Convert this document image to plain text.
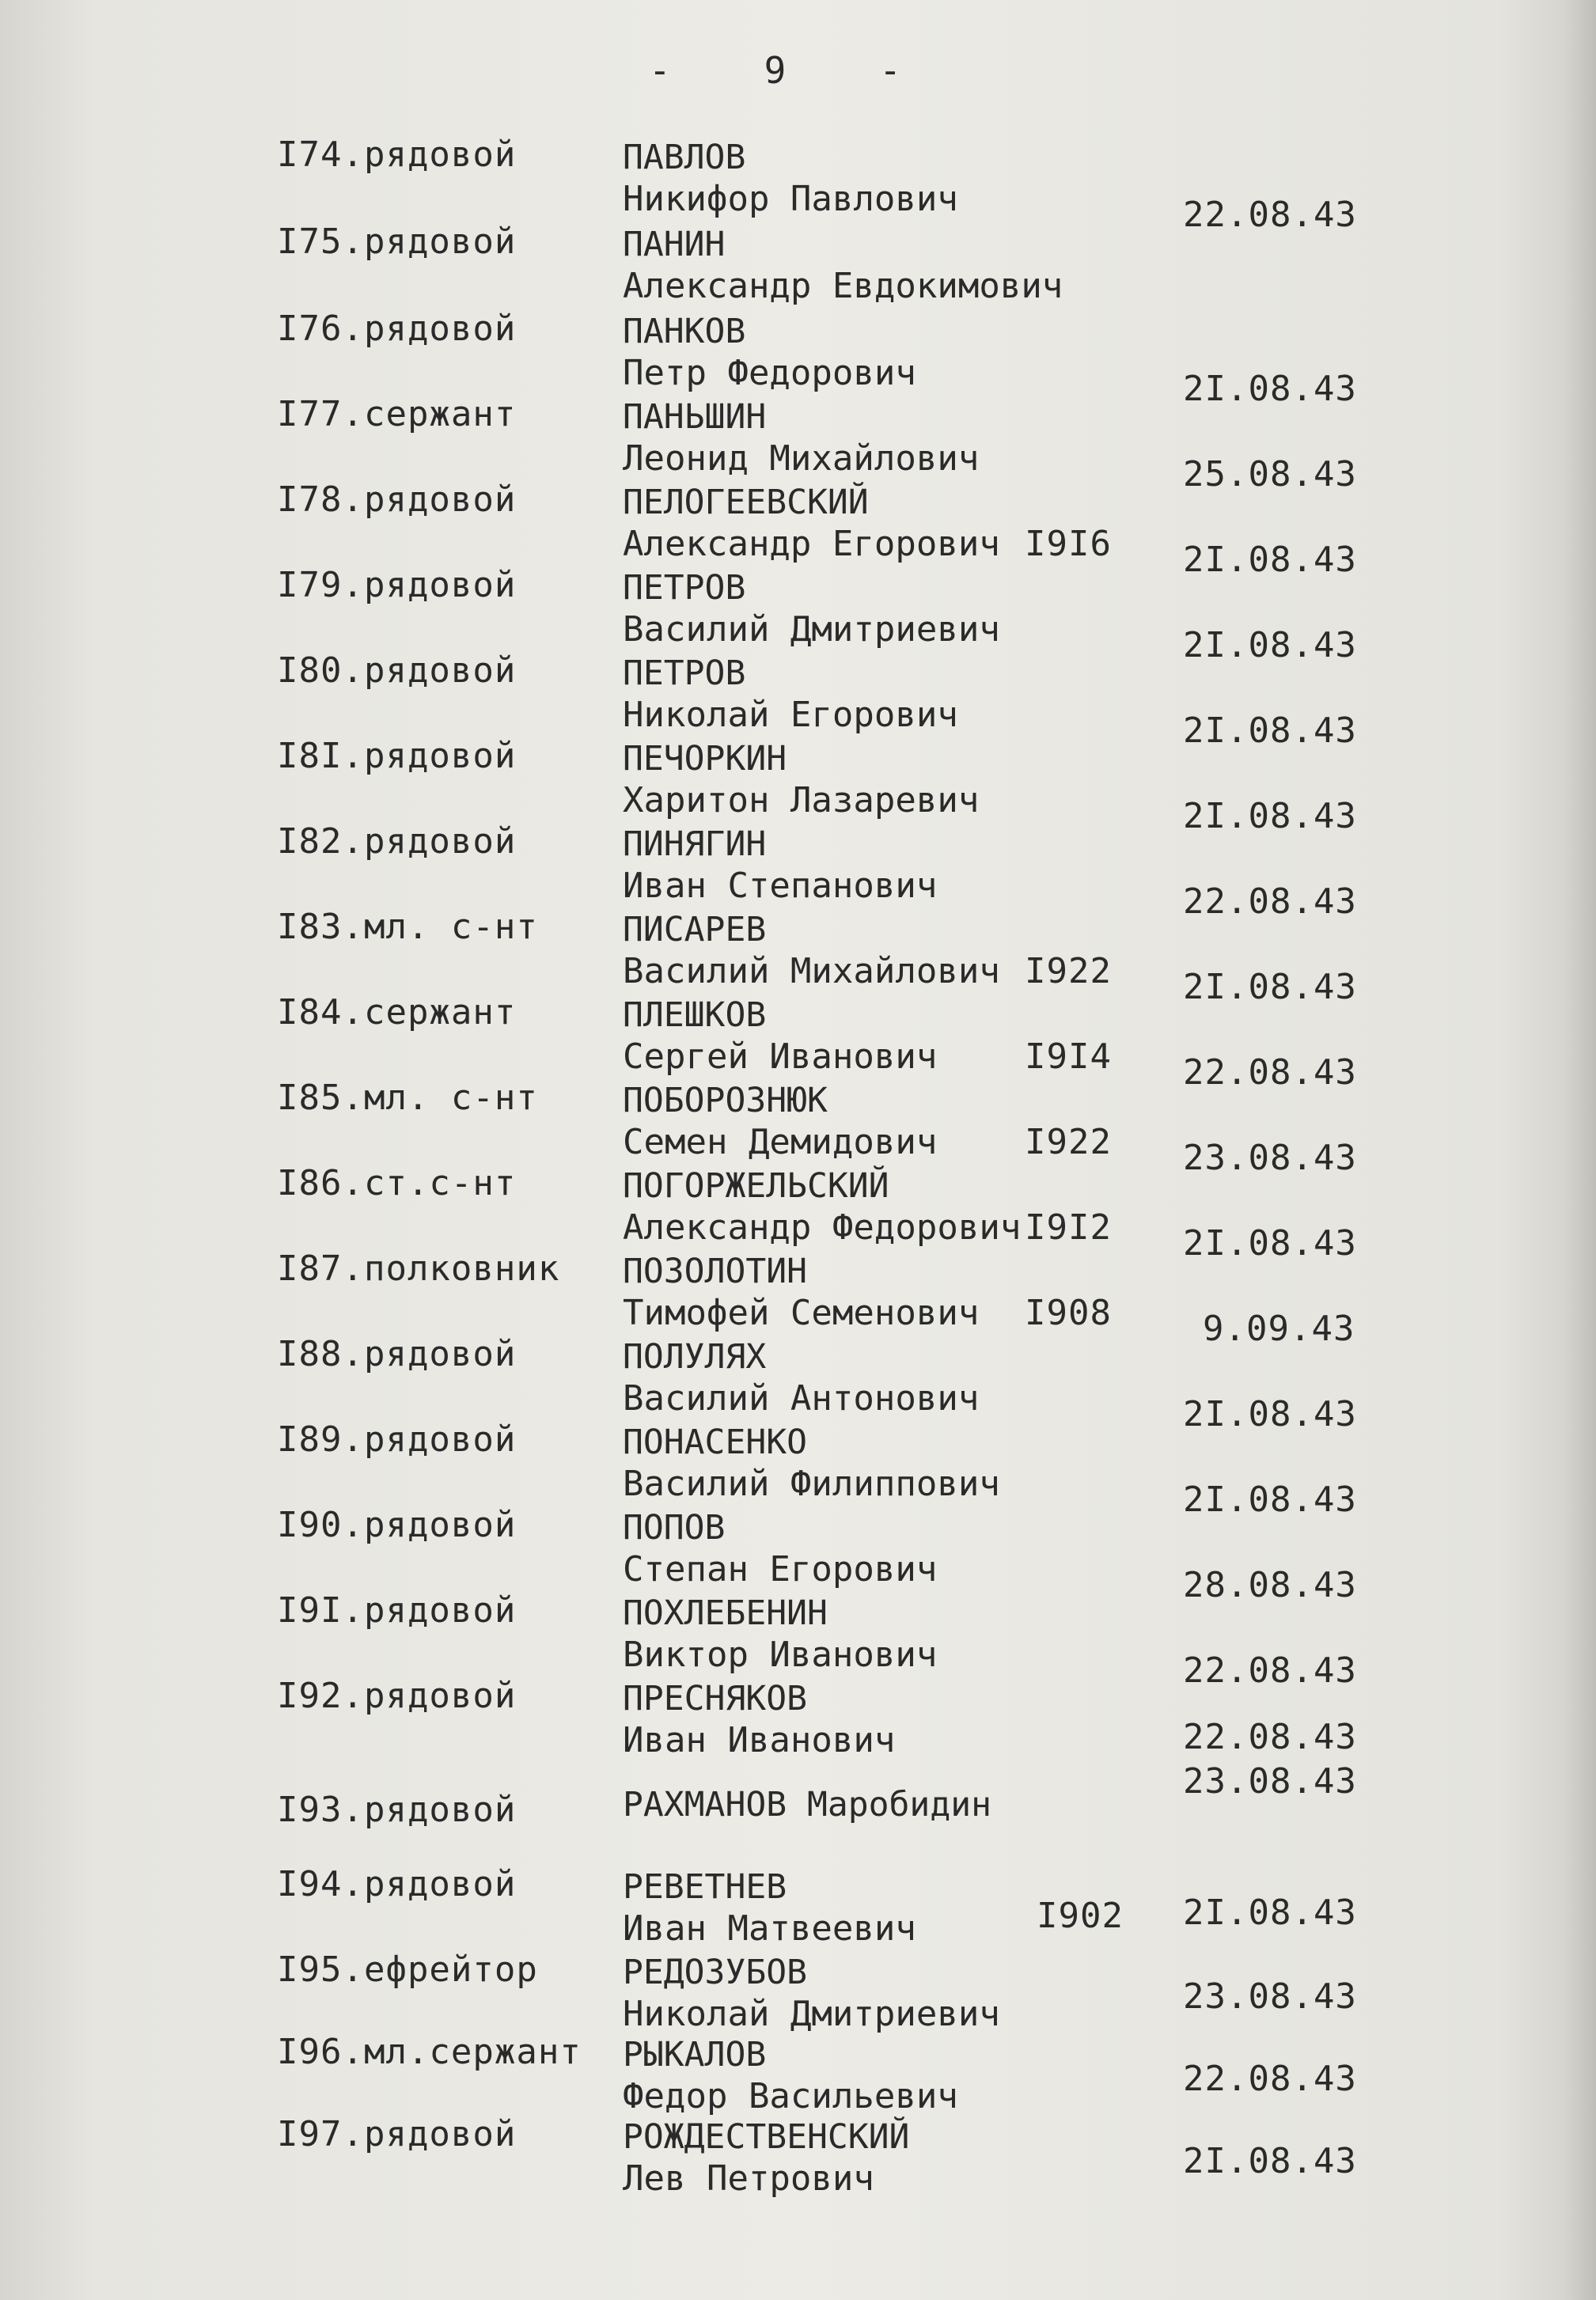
-	9	-
I74.рядовой	ПАВЛОВ
Никифор Павлович	22.08.43
I75.рядовой	ПАНИН
Александр Евдокимович
I76.рядовой	ПАНКОВ
Петр Федорович	2I.08.43
I77.сержант	ПАНЬШИН
Леонид Михайлович	25.08.43
I78.рядовой	ПЕЛОГЕЕВСКИЙ
Александр Егорович I9I6 2I.08.43
I79.рядовой	ПЕТРОВ
Василий Дмитриевич	2I.08.43
I80.рядовой	ПЕТРОВ
Николай Егорович	2I.08.43
I8I.рядовой	ПЕЧОРКИН
Харитон Лазаревич	2I.08.43
I82.рядовой	ПИНЯГИН
Иван Степанович	22.08.43
I83.мл. с-нт ПИСАРЕВ
Василий Михайлович I922 2I.08.43
I84.сержант	ПЛЕШКОВ
Сергей Иванович	I9I4 22.08.43
I85.мл. с-нт ПОБОРОЗНЮК
Семен Демидович	I922 23.08.43
I86.ст.с-нт	ПОГОРЖЕЛЬСКИЙ
Александр Федорович I9I2 2I.08.43
I87.полковник ПОЗОЛОТИН
Тимофей Семенович I908	9.09.43
I88.рядовой	ПОЛУЛЯХ
Василий Антонович	2I.08.43
I89.рядовой	ПОНАСЕНКО
Василий Филиппович	2I.08.43
I90.рядовой	ПОПОВ
Степан Егорович	28.08.43
I9I.рядовой	ПОХЛЕБЕНИН
Виктор Иванович	22.08.43
I92.рядовой	ПРЕСНЯКОВ
Иван Иванович	22.08.43
I93.рядовой	РАХМАНОВ Маробидин
23.08.43
I94.рядовой	РЕВЕТНЕВ
Иван Матвеевич	I902 2I.08.43
I95.ефрейтор РЕДОЗУБОВ
Николай Дмитриевич	23.08.43
I96.мл.сержант РЫКАЛОВ
Федор Васильевич	22.08.43
I97.рядовой	РОЖДЕСТВЕНСКИЙ
Лев Петрович	2I.08.43
